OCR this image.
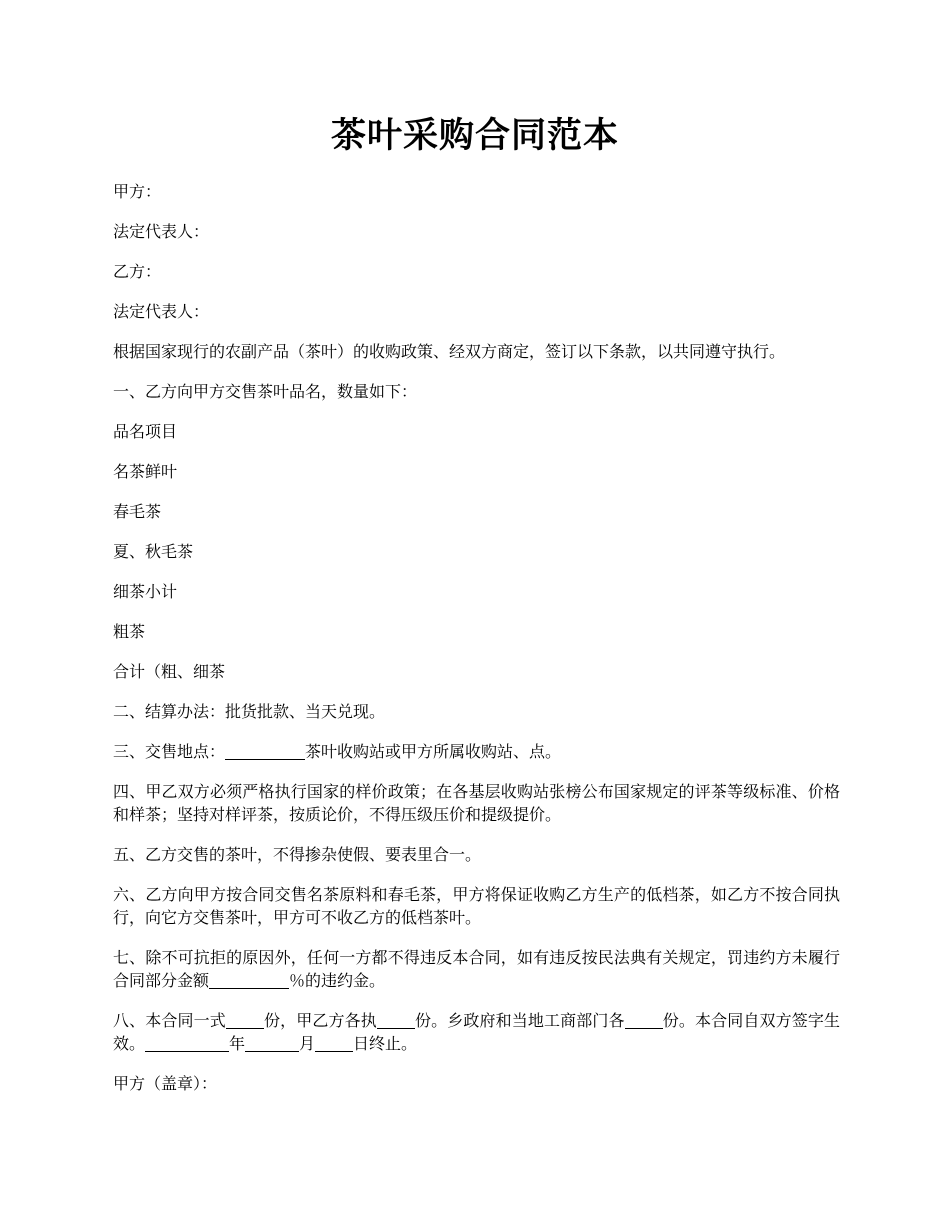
茶叶采购合同范本

甲方：

法定代表人：

乙方：

法定代表人：

根据国家现行的农副产品（茶叶）的收购政策、经双方商定，签订以下条款，以共同遵守执行。

一、乙方向甲方交售茶叶品名，数量如下：

品名项目

名茶鲜叶

春毛茶

夏、秋毛茶

细茶小计

粗茶

合计（粗、细茶

二、结算办法：批货批款、当天兑现。

三、交售地点：	茶叶收购站或甲方所属收购站、点。

四、甲乙双方必须严格执行国家的样价政策；在各基层收购站张榜公布国家规定的评茶等级标准、价格和样茶；坚持对样评茶，按质论价，不得压级压价和提级提价。

五、乙方交售的茶叶，不得掺杂使假、要表里合一。

六、乙方向甲方按合同交售名茶原料和春毛茶，甲方将保证收购乙方生产的低档茶，如乙方不按合同执行，向它方交售茶叶，甲方可不收乙方的低档茶叶。

七、除不可抗拒的原因外，任何一方都不得违反本合同，如有违反按民法典有关规定，罚违约方未履行合同部分金额	％的违约金。

八、本合同一式 份，甲乙方各执 份。乡政府和当地工商部门各 份。本合同自双方签字生效。	年	月 日终止。

甲方（盖章）：
